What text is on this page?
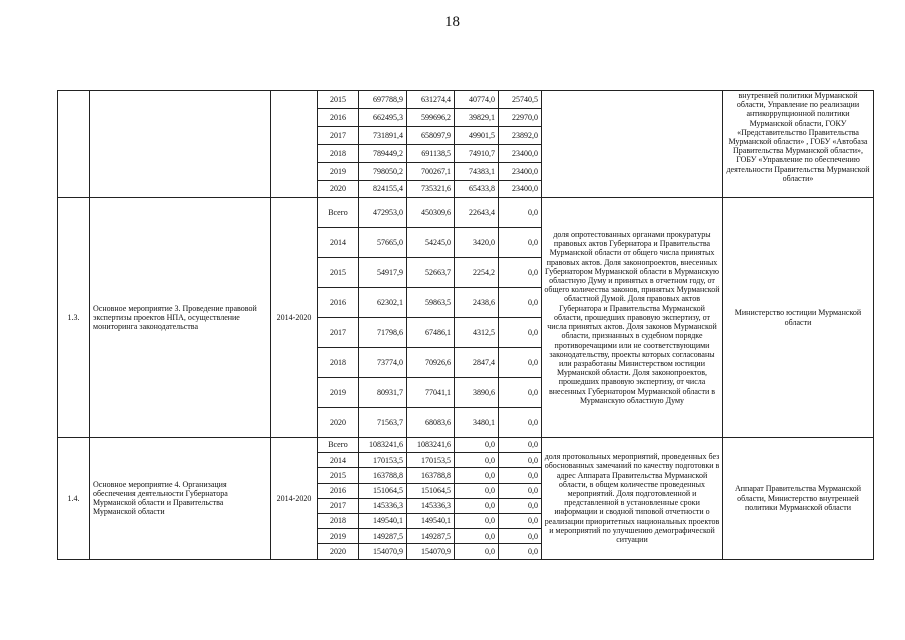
18
			2015	697788,9	631274,4	40774,0	25740,5		внутренней политики Мурманской области, Управление по реализации антикоррупционной политики Мурманской области, ГОКУ «Представительство Правительства Мурманской области» , ГОБУ «Автобаза Правительства Мурманской области», ГОБУ «Управление по обеспечению деятельности Правительства Мурманской области»
			2016	662495,3	599696,2	39829,1	22970,0		
			2017	731891,4	658097,9	49901,5	23892,0		
			2018	789449,2	691138,5	74910,7	23400,0		
			2019	798050,2	700267,1	74383,1	23400,0		
			2020	824155,4	735321,6	65433,8	23400,0		
1.3.	Основное мероприятие 3. Проведение правовой экспертизы проектов НПА, осуществление мониторинга законодательства	2014-2020	Всего	472953,0	450309,6	22643,4	0,0	доля опротестованных органами прокуратуры правовых актов Губернатора и Правительства Мурманской области от общего числа принятых правовых актов. Доля законопроектов, внесенных Губернатором Мурманской области в Мурманскую областную Думу и принятых в отчетном году, от общего количества законов, принятых Мурманской областной Думой. Доля правовых актов Губернатора и Правительства Мурманской области, прошедших правовую экспертизу, от числа принятых актов. Доля законов Мурманской области, признанных в судебном порядке противоречащими или не соответствующими законодательству, проекты которых согласованы или разработаны Министерством юстиции Мурманской области. Доля законопроектов, прошедших правовую экспертизу, от числа внесенных Губернатором Мурманской области в Мурманскую областную Думу	Министерство юстиции Мурманской области
			2014	57665,0	54245,0	3420,0	0,0		
			2015	54917,9	52663,7	2254,2	0,0		
			2016	62302,1	59863,5	2438,6	0,0		
			2017	71798,6	67486,1	4312,5	0,0		
			2018	73774,0	70926,6	2847,4	0,0		
			2019	80931,7	77041,1	3890,6	0,0		
			2020	71563,7	68083,6	3480,1	0,0		
1.4.	Основное мероприятие 4. Организация обеспечения деятельности Губернатора Мурманской области и Правительства Мурманской области	2014-2020	Всего	1083241,6	1083241,6	0,0	0,0	доля протокольных мероприятий, проведенных без обоснованных замечаний по качеству подготовки в адрес Аппарата Правительства Мурманской области, в общем количестве проведенных мероприятий. Доля подготовленной и представленной в установленные сроки информации и сводной типовой отчетности о реализации приоритетных национальных проектов и мероприятий по улучшению демографической ситуации	Аппарат Правительства Мурманской области, Министерство внутренней политики Мурманской области
			2014	170153,5	170153,5	0,0	0,0		
			2015	163788,8	163788,8	0,0	0,0		
			2016	151064,5	151064,5	0,0	0,0		
			2017	145336,3	145336,3	0,0	0,0		
			2018	149540,1	149540,1	0,0	0,0		
			2019	149287,5	149287,5	0,0	0,0		
			2020	154070,9	154070,9	0,0	0,0		
